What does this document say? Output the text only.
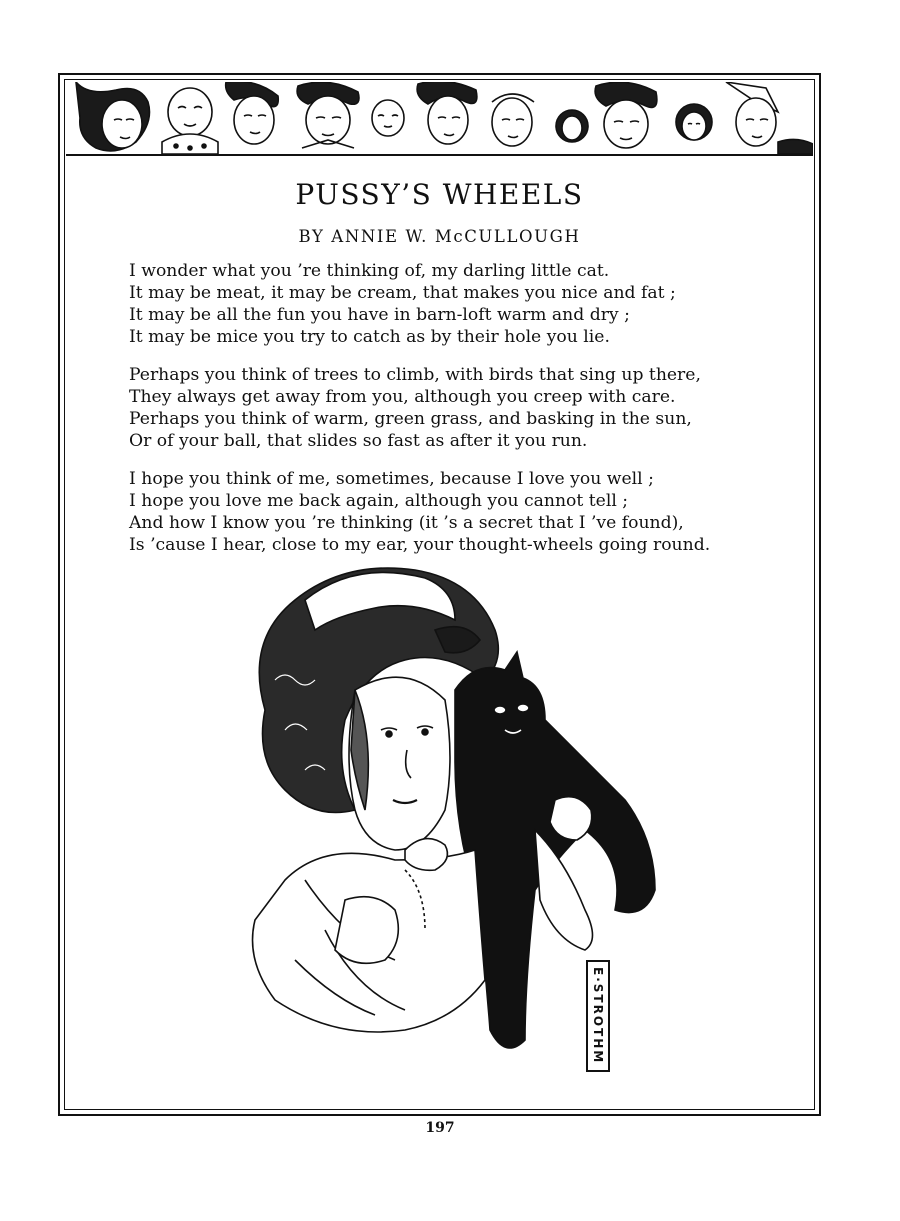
PUSSY’S WHEELS
BY ANNIE W. McCULLOUGH
I wonder what you ’re thinking of, my darling little cat.
It may be meat, it may be cream, that makes you nice and fat ;
It may be all the fun you have in barn-loft warm and dry ;
It may be mice you try to catch as by their hole you lie.
Perhaps you think of trees to climb, with birds that sing up there,
They always get away from you, although you creep with care.
Perhaps you think of warm, green grass, and basking in the sun,
Or of your ball, that slides so fast as after it you run.
I hope you think of me, sometimes, because I love you well ;
I hope you love me back again, although you cannot tell ;
And how I know you ’re thinking (it ’s a secret that I ’ve found),
Is ’cause I hear, close to my ear, your thought-wheels going round.
E·STROTHM
197
